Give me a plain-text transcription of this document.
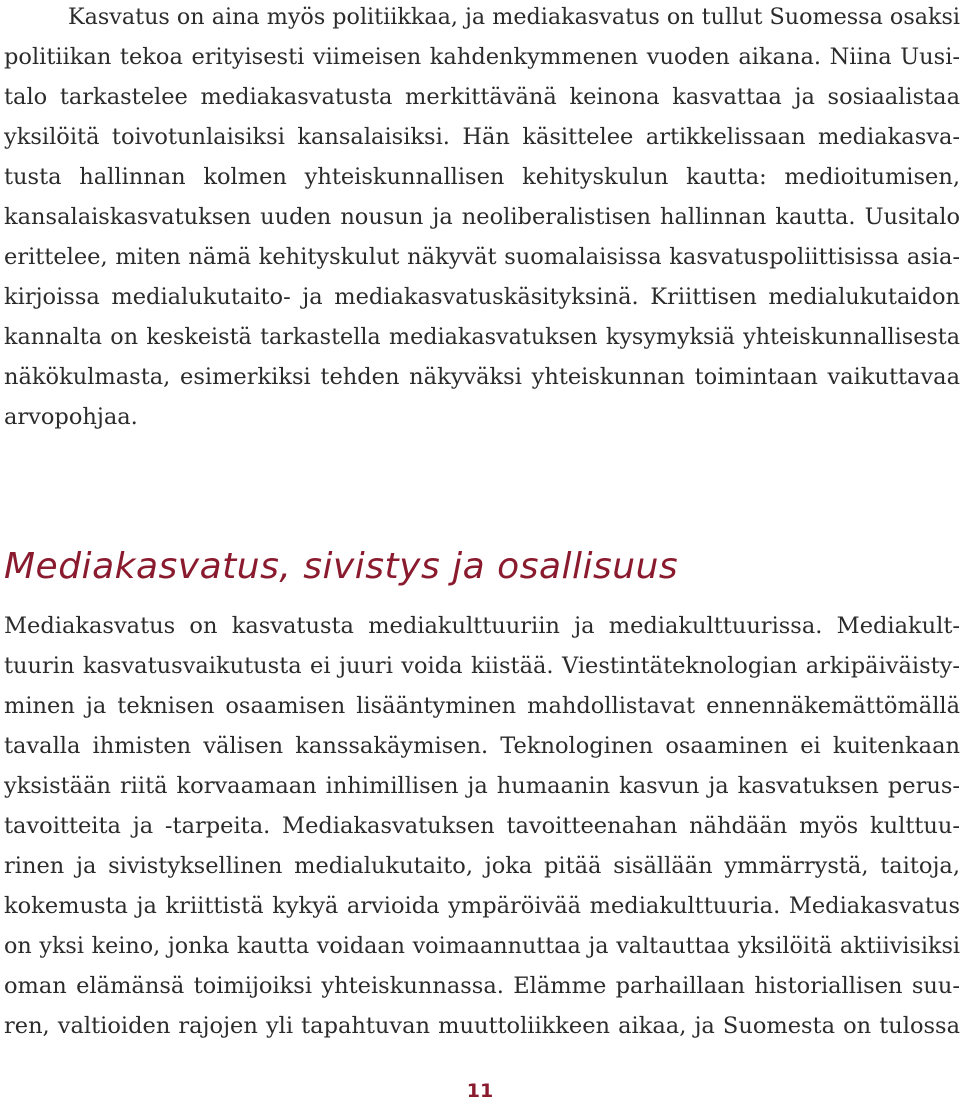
Kasvatus on aina myös politiikkaa, ja mediakasvatus on tullut Suomessa osaksi
politiikan tekoa erityisesti viimeisen kahdenkymmenen vuoden aikana. Niina Uusi-
talo tarkastelee mediakasvatusta merkittävänä keinona kasvattaa ja sosiaalistaa
yksilöitä toivotunlaisiksi kansalaisiksi. Hän käsittelee artikkelissaan mediakasva-
tusta hallinnan kolmen yhteiskunnallisen kehityskulun kautta: medioitumisen,
kansalaiskasvatuksen uuden nousun ja neoliberalistisen hallinnan kautta. Uusitalo
erittelee, miten nämä kehityskulut näkyvät suomalaisissa kasvatuspoliittisissa asia-
kirjoissa medialukutaito- ja mediakasvatuskäsityksinä. Kriittisen medialukutaidon
kannalta on keskeistä tarkastella mediakasvatuksen kysymyksiä yhteiskunnallisesta
näkökulmasta, esimerkiksi tehden näkyväksi yhteiskunnan toimintaan vaikuttavaa
arvopohjaa.
Mediakasvatus, sivistys ja osallisuus
Mediakasvatus on kasvatusta mediakulttuuriin ja mediakulttuurissa. Mediakult-
tuurin kasvatusvaikutusta ei juuri voida kiistää. Viestintäteknologian arkipäiväisty-
minen ja teknisen osaamisen lisääntyminen mahdollistavat ennennäkemättömällä
tavalla ihmisten välisen kanssakäymisen. Teknologinen osaaminen ei kuitenkaan
yksistään riitä korvaamaan inhimillisen ja humaanin kasvun ja kasvatuksen perus-
tavoitteita ja -tarpeita. Mediakasvatuksen tavoitteenahan nähdään myös kulttuu-
rinen ja sivistyksellinen medialukutaito, joka pitää sisällään ymmärrystä, taitoja,
kokemusta ja kriittistä kykyä arvioida ympäröivää mediakulttuuria. Mediakasvatus
on yksi keino, jonka kautta voidaan voimaannuttaa ja valtauttaa yksilöitä aktiivisiksi
oman elämänsä toimijoiksi yhteiskunnassa. Elämme parhaillaan historiallisen suu-
ren, valtioiden rajojen yli tapahtuvan muuttoliikkeen aikaa, ja Suomesta on tulossa
11
